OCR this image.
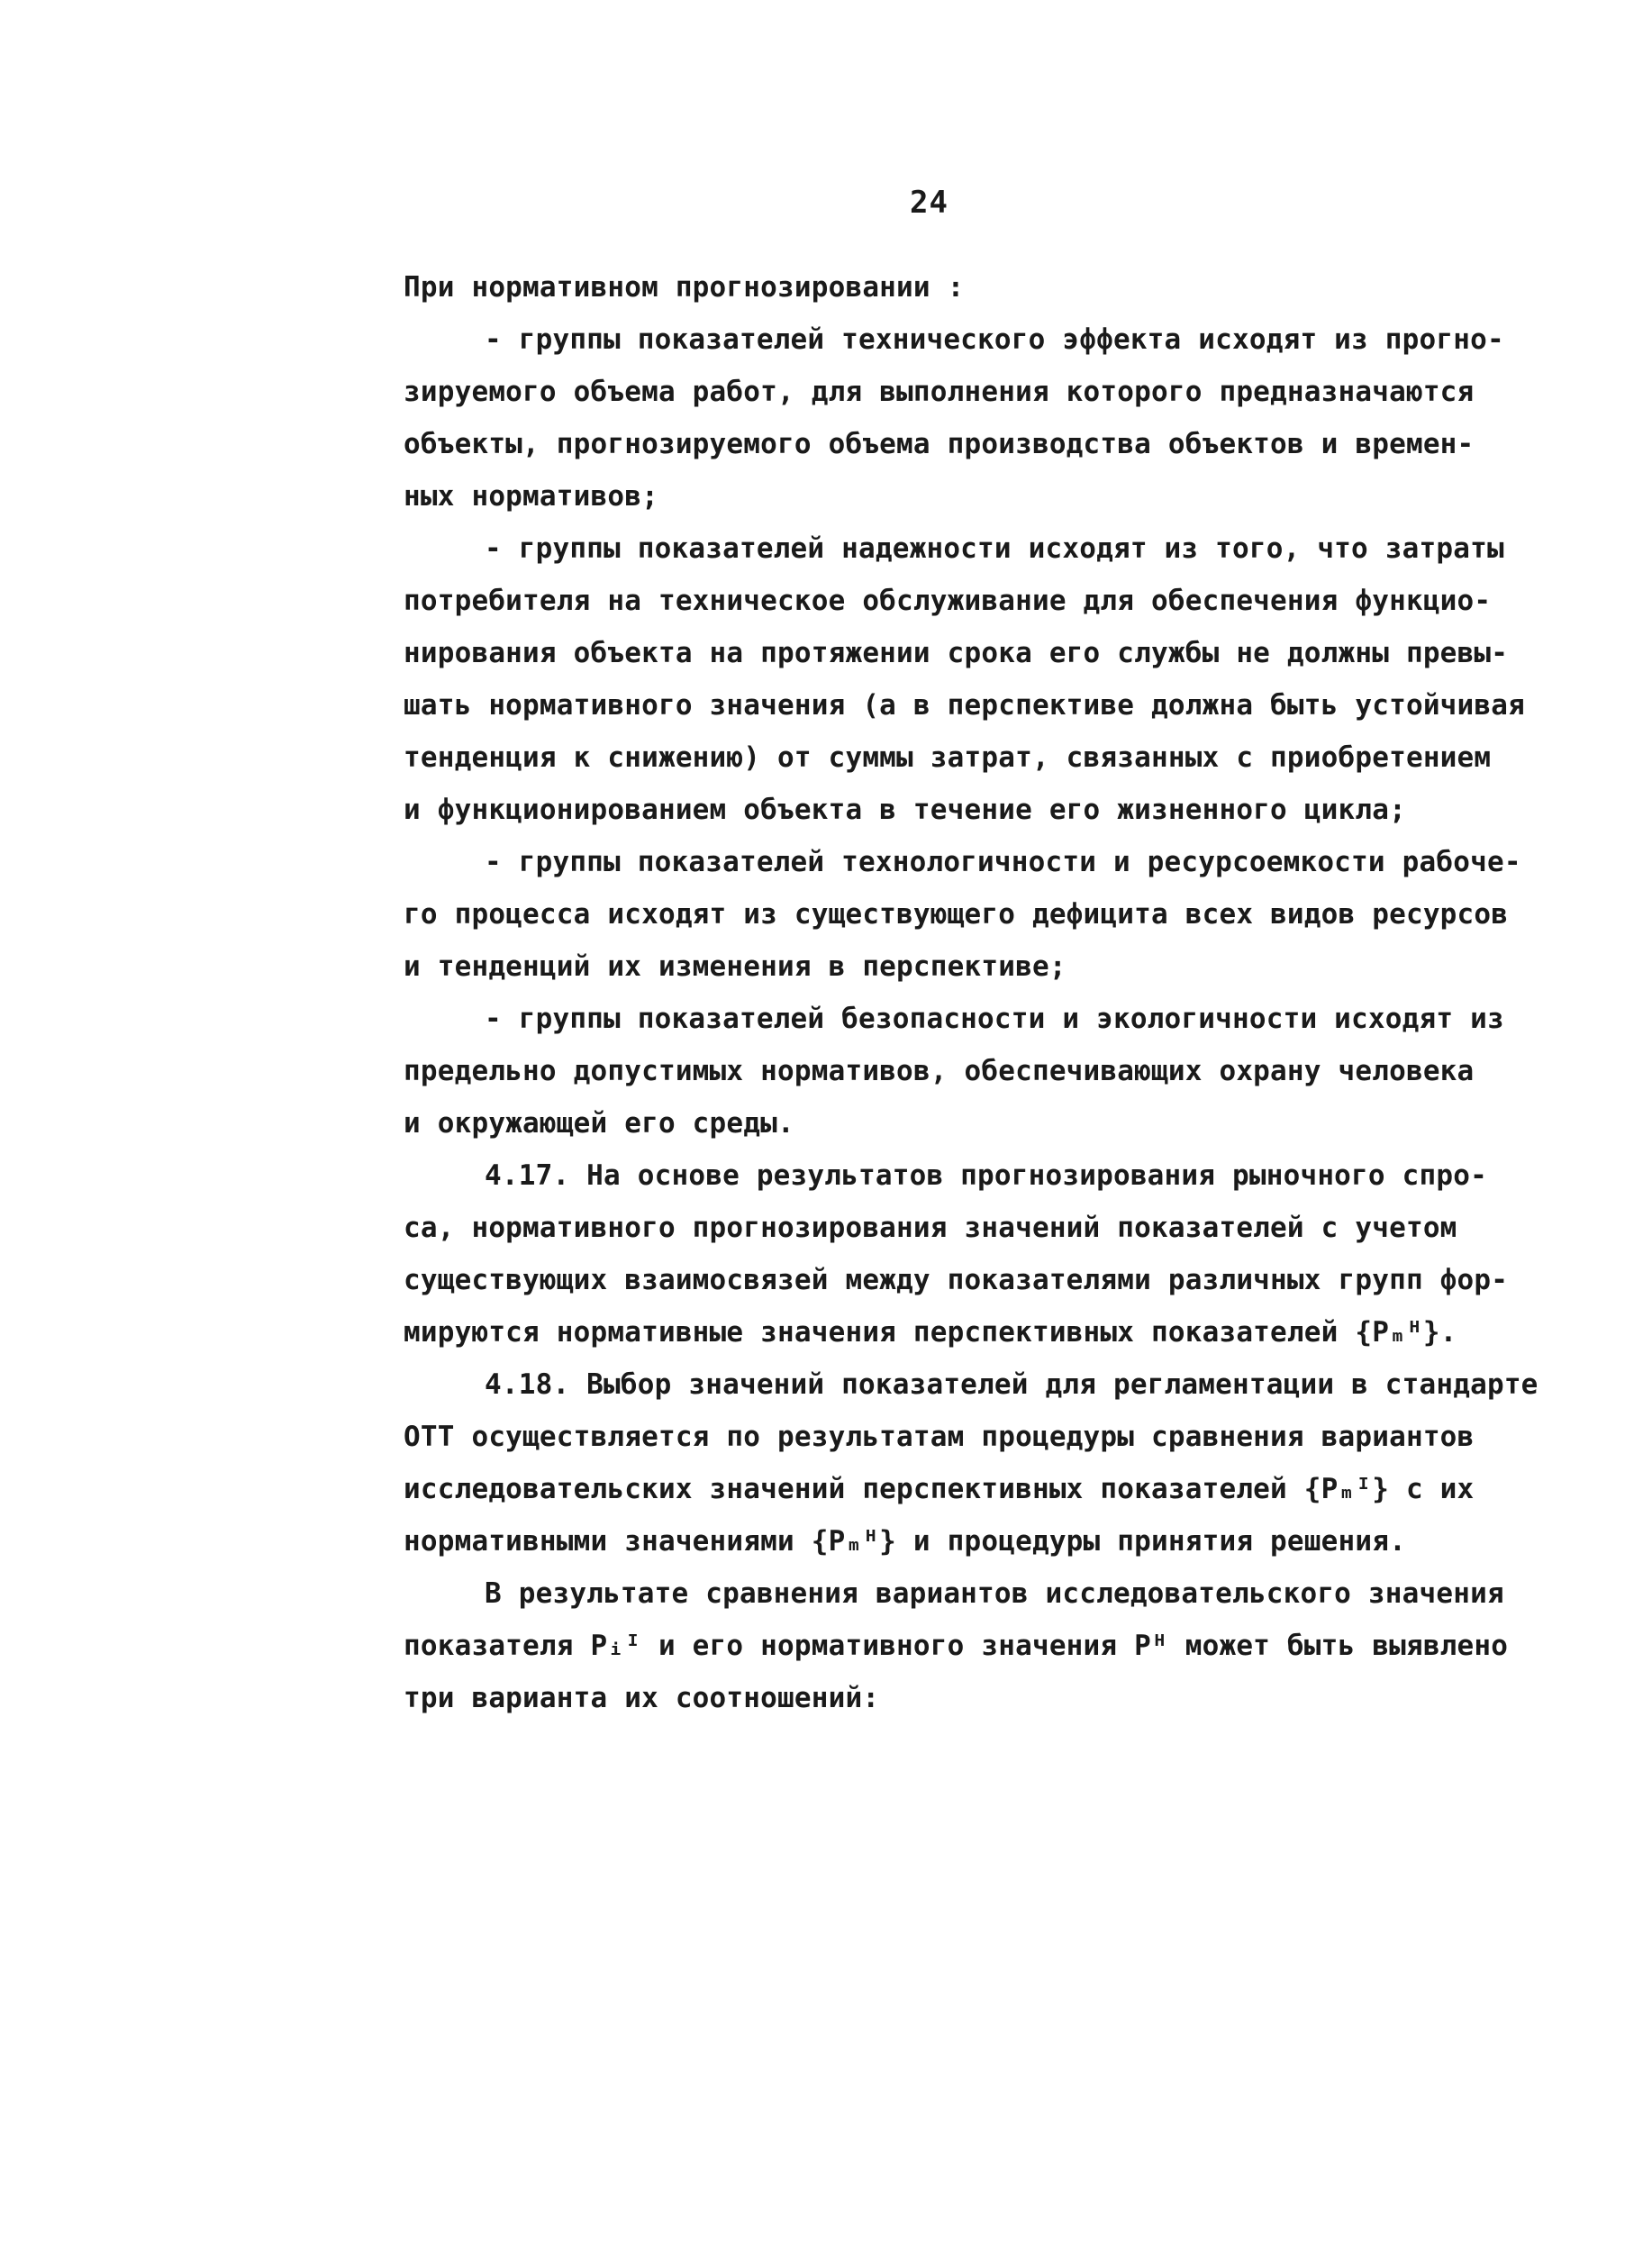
24
При нормативном прогнозировании :
- группы показателей технического эффекта исходят из прогно-
зируемого объема работ, для выполнения которого предназначаются
объекты, прогнозируемого объема производства объектов и времен-
ных нормативов;
- группы показателей надежности исходят из того, что затраты
потребителя на техническое обслуживание для обеспечения функцио-
нирования объекта на протяжении срока его службы не должны превы-
шать нормативного значения (а в перспективе должна быть устойчивая
тенденция к снижению) от суммы затрат, связанных с приобретением
и функционированием объекта в течение его жизненного цикла;
- группы показателей технологичности и ресурсоемкости рабоче-
го процесса исходят из существующего дефицита всех видов ресурсов
и тенденций их изменения в перспективе;
- группы показателей безопасности и экологичности исходят из
предельно допустимых нормативов, обеспечивающих охрану человека
и окружающей его среды.
4.17. На основе результатов прогнозирования рыночного спро-
са, нормативного прогнозирования значений показателей с учетом
существующих взаимосвязей между показателями различных групп фор-
мируются нормативные значения перспективных показателей {Pₘᴴ}.
4.18. Выбор значений показателей для регламентации в стандарте
ОТТ осуществляется по результатам процедуры сравнения вариантов
исследовательских значений перспективных показателей {Pₘᴵ} с их
нормативными значениями {Pₘᴴ} и процедуры принятия решения.
В результате сравнения вариантов исследовательского значения
показателя Pᵢᴵ и его нормативного значения Pᴴ может быть выявлено
три варианта их соотношений:
